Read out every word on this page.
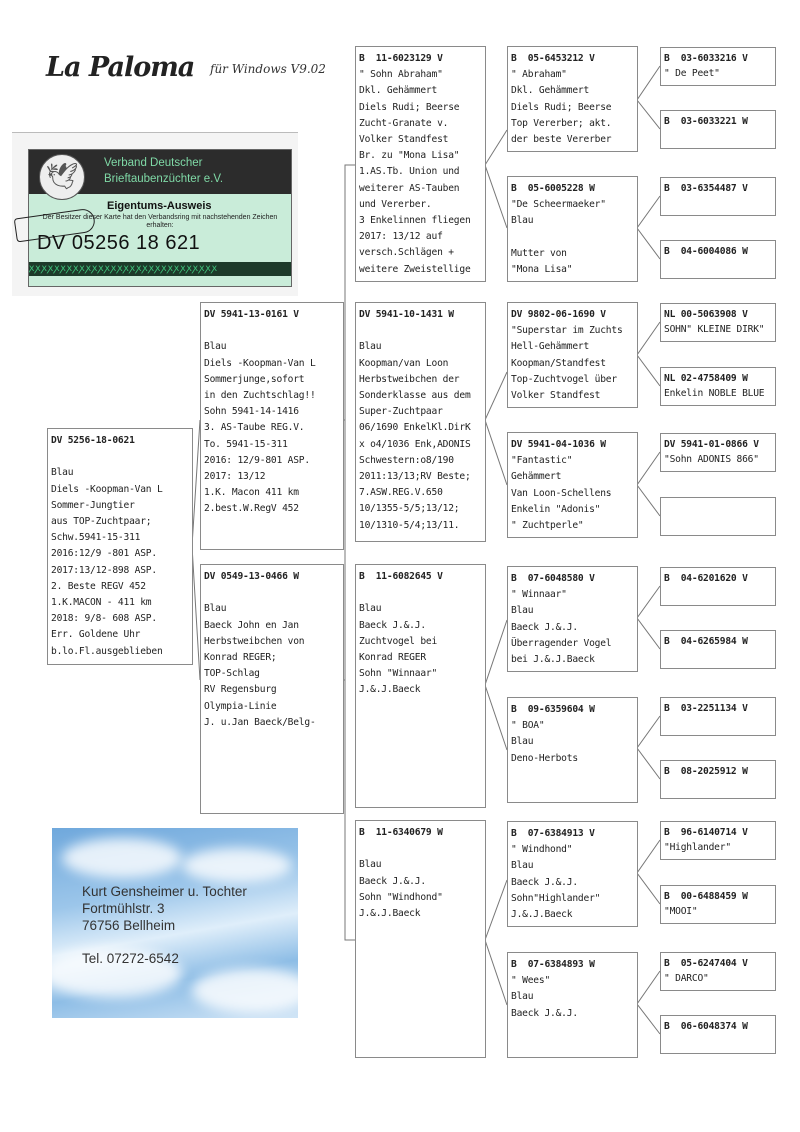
La Paloma für Windows V9.02
🕊	Verband Deutscher
Brieftaubenzüchter e.V.
Eigentums-Ausweis
Der Besitzer dieser Karte hat den Verbandsring mit nachstehenden Zeichen erhalten:
DV 05256 18 621
ꭗꭗꭗꭗꭗꭗꭗꭗꭗꭗꭗꭗꭗꭗꭗꭗꭗꭗꭗꭗꭗꭗꭗꭗꭗꭗꭗꭗꭗꭗ
DV 5256-18-0621

Blau
Diels -Koopman-Van L
Sommer-Jungtier
aus TOP-Zuchtpaar;
Schw.5941-15-311
2016:12/9 -801 ASP.
2017:13/12-898 ASP.
2. Beste REGV 452
1.K.MACON - 411 km
2018: 9/8- 608 ASP.
Err. Goldene Uhr
b.lo.Fl.ausgeblieben
DV 5941-13-0161 V

Blau
Diels -Koopman-Van L
Sommerjunge,sofort
in den Zuchtschlag!!
Sohn 5941-14-1416
3. AS-Taube REG.V.
To. 5941-15-311
2016: 12/9-801 ASP.
2017: 13/12
1.K. Macon 411 km
2.best.W.RegV 452
DV 0549-13-0466 W

Blau
Baeck John en Jan
Herbstweibchen von
Konrad REGER;
TOP-Schlag
RV Regensburg
Olympia-Linie
J. u.Jan Baeck/Belg-
B  11-6023129 V
" Sohn Abraham"
Dkl. Gehämmert
Diels Rudi; Beerse
Zucht-Granate v.
Volker Standfest
Br. zu "Mona Lisa"
1.AS.Tb. Union und
weiterer AS-Tauben
und Vererber.
3 Enkelinnen fliegen
2017: 13/12 auf
versch.Schlägen +
weitere Zweistellige
DV 5941-10-1431 W

Blau
Koopman/van Loon
Herbstweibchen der
Sonderklasse aus dem
Super-Zuchtpaar
06/1690 EnkelKl.DirK
x o4/1036 Enk,ADONIS
Schwestern:o8/190
2011:13/13;RV Beste;
7.ASW.REG.V.650
10/1355-5/5;13/12;
10/1310-5/4;13/11.
B  11-6082645 V

Blau
Baeck J.&.J.
Zuchtvogel bei
Konrad REGER
Sohn "Winnaar"
J.&.J.Baeck
B  11-6340679 W

Blau
Baeck J.&.J.
Sohn "Windhond"
J.&.J.Baeck
B  05-6453212 V
" Abraham"
Dkl. Gehämmert
Diels Rudi; Beerse
Top Vererber; akt.
der beste Vererber
B  05-6005228 W
"De Scheermaeker"
Blau

Mutter von
"Mona Lisa"
DV 9802-06-1690 V
"Superstar im Zuchts
Hell-Gehämmert
Koopman/Standfest
Top-Zuchtvogel über
Volker Standfest
DV 5941-04-1036 W
"Fantastic"
Gehämmert
Van Loon-Schellens
Enkelin "Adonis"
" Zuchtperle"
B  07-6048580 V
" Winnaar"
Blau
Baeck J.&.J.
Überragender Vogel
bei J.&.J.Baeck
B  09-6359604 W
" BOA"
Blau
Deno-Herbots
B  07-6384913 V
" Windhond"
Blau
Baeck J.&.J.
Sohn"Highlander"
J.&.J.Baeck
B  07-6384893 W
" Wees"
Blau
Baeck J.&.J.
B  03-6033216 V
" De Peet"
B  03-6033221 W
B  03-6354487 V
B  04-6004086 W
NL 00-5063908 V
SOHN" KLEINE DIRK"
NL 02-4758409 W
Enkelin NOBLE BLUE
DV 5941-01-0866 V
"Sohn ADONIS 866"
B  04-6201620 V
B  04-6265984 W
B  03-2251134 V
B  08-2025912 W
B  96-6140714 V
"Highlander"
B  00-6488459 W
"MOOI"
B  05-6247404 V
" DARCO"
B  06-6048374 W
Kurt Gensheimer u. Tochter
Fortmühlstr. 3
76756 Bellheim
Tel. 07272-6542
